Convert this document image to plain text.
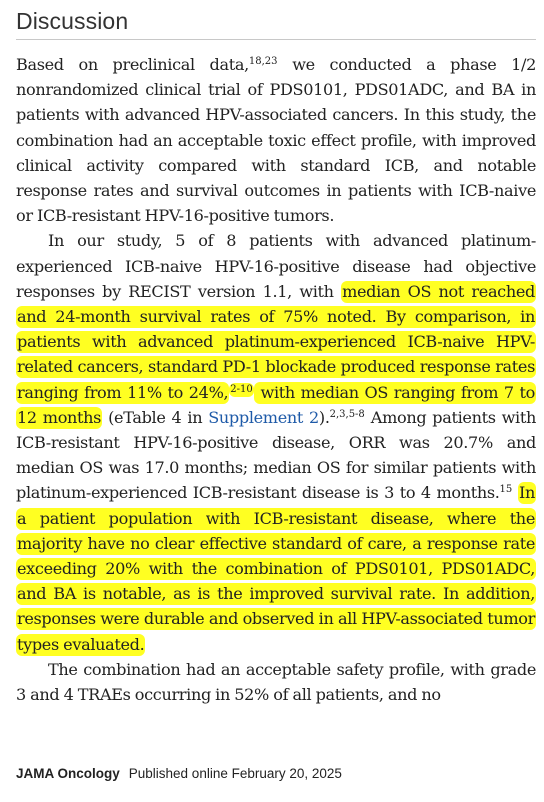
Discussion

Based on preclinical data,$^{18,23}$ we conducted a phase 1/2 nonrandomized clinical trial of PDS0101, PDS01ADC, and BA in patients with advanced HPV-associated cancers. In this study, the combination had an acceptable toxic effect profile, with improved clinical activity compared with standard ICB, and notable response rates and survival outcomes in patients with ICB-naive or ICB-resistant HPV-16-positive tumors.

In our study, 5 of 8 patients with advanced platinum-experienced ICB-naive HPV-16-positive disease had objective responses by RECIST version 1.1, with median OS not reached and 24-month survival rates of 75% noted. By comparison, in patients with advanced platinum-experienced ICB-naive HPV-related cancers, standard PD-1 blockade produced response rates ranging from 11% to 24%, $^{2-10}$ with median OS ranging from 7 to 12 months (eTable 4 in Supplement 2).$^{2,3,5-8}$ Among patients with ICB-resistant HPV-16-positive disease, ORR was 20.7% and median OS was 17.0 months; median OS for similar patients with platinum-experienced ICB-resistant disease is 3 to 4 months.$^{15}$ In a patient population with ICB-resistant disease, where the majority have no clear effective standard of care, a response rate exceeding 20% with the combination of PDS0101, PDS01ADC, and BA is notable, as is the improved survival rate. In addition, responses were durable and observed in all HPV-associated tumor types evaluated.

The combination had an acceptable safety profile, with grade 3 and 4 TRAEs occurring in 52% of all patients, and no

JAMA Oncology Published online February 20, 2025
